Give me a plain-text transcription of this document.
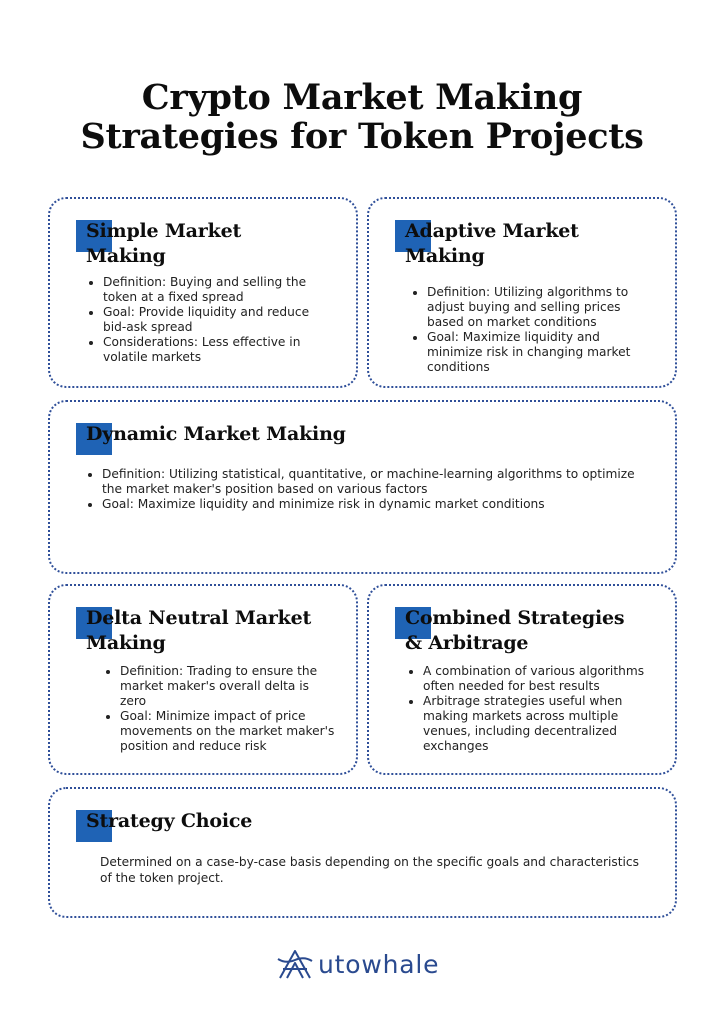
Crypto Market Making
Strategies for Token Projects
Simple Market Making
• Definition: Buying and selling the token at a fixed spread
• Goal: Provide liquidity and reduce bid-ask spread
• Considerations: Less effective in volatile markets
Adaptive Market Making
• Definition: Utilizing algorithms to adjust buying and selling prices based on market conditions
• Goal: Maximize liquidity and minimize risk in changing market conditions
Dynamic Market Making
• Definition: Utilizing statistical, quantitative, or machine-learning algorithms to optimize the market maker's position based on various factors
• Goal: Maximize liquidity and minimize risk in dynamic market conditions
Delta Neutral Market Making
• Definition: Trading to ensure the market maker's overall delta is zero
• Goal: Minimize impact of price movements on the market maker's position and reduce risk
Combined Strategies & Arbitrage
• A combination of various algorithms often needed for best results
• Arbitrage strategies useful when making markets across multiple venues, including decentralized exchanges
Strategy Choice

Determined on a case-by-case basis depending on the specific goals and characteristics of the token project.

utowhale
